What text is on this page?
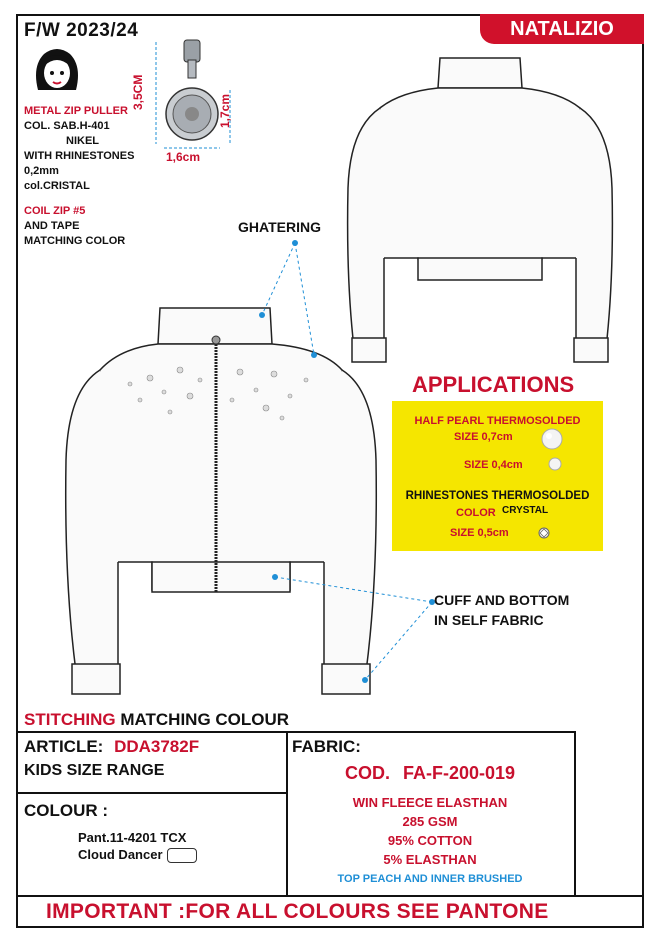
F/W 2023/24	NATALIZIO
3,5CM
1,7cm
1,6cm
METAL ZIP PULLER
COL. SAB.H-401
NIKEL
WITH RHINESTONES
0,2mm
col.CRISTAL
COIL ZIP #5
AND TAPE
MATCHING COLOR
GHATERING
CUFF AND BOTTOM
IN SELF FABRIC
APPLICATIONS
HALF PEARL THERMOSOLDED
SIZE 0,7cm
SIZE 0,4cm
RHINESTONES THERMOSOLDED
COLOR CRYSTAL
SIZE 0,5cm
STITCHING MATCHING COLOUR
ARTICLE: DDA3782F
KIDS SIZE RANGE
COLOUR :
Pant.11-4201 TCX
Cloud Dancer
FABRIC:
COD. FA-F-200-019
WIN FLEECE ELASTHAN
285 GSM
95% COTTON
5% ELASTHAN
TOP PEACH AND INNER BRUSHED
IMPORTANT :FOR ALL COLOURS SEE PANTONE
